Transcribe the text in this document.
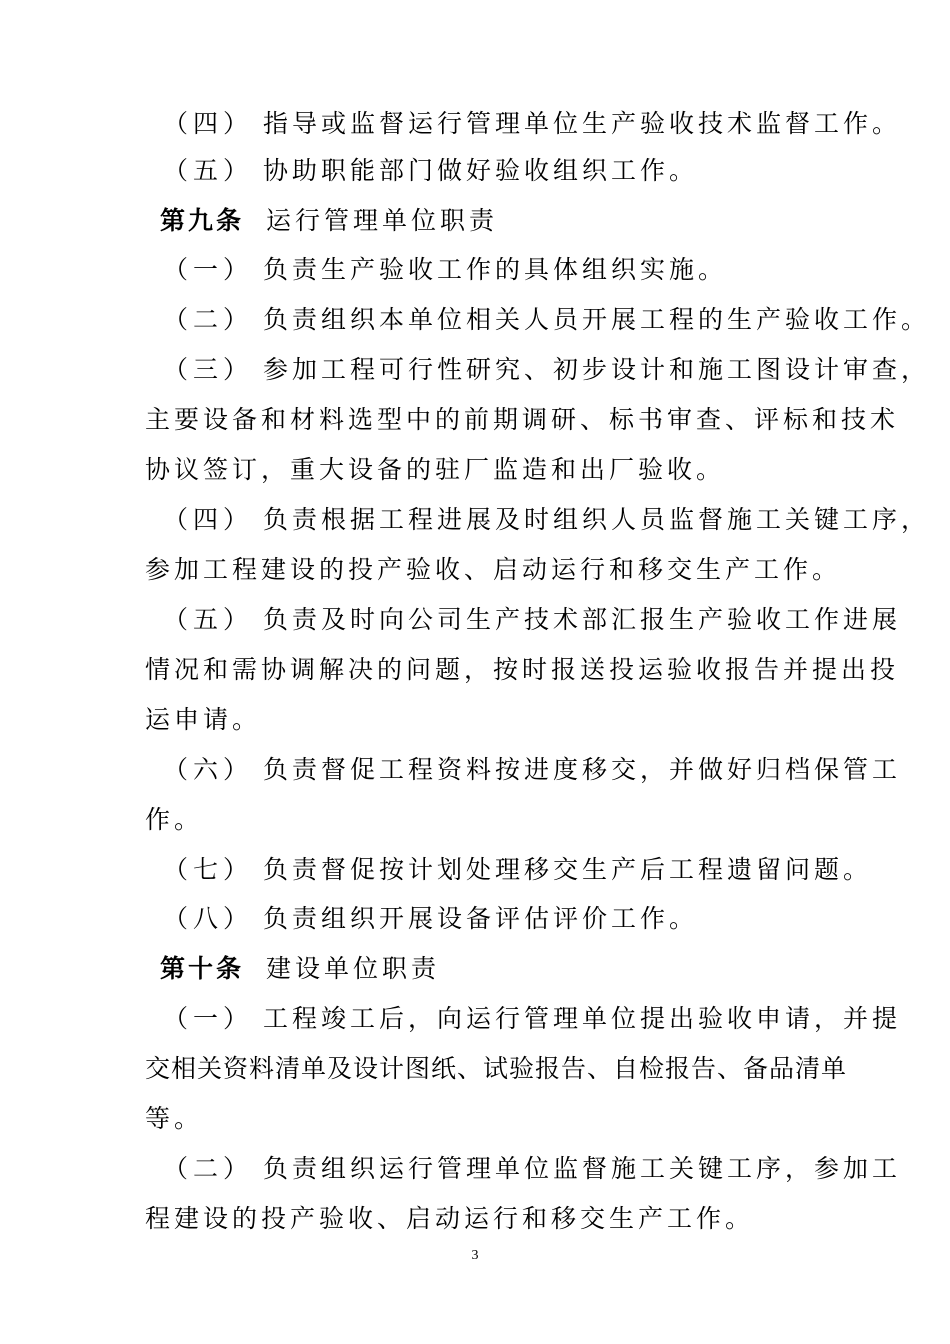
（四） 指导或监督运行管理单位生产验收技术监督工作。
（五） 协助职能部门做好验收组织工作。
第九条 运行管理单位职责
（一） 负责生产验收工作的具体组织实施。
（二） 负责组织本单位相关人员开展工程的生产验收工作。
（三） 参加工程可行性研究、初步设计和施工图设计审查，
主要设备和材料选型中的前期调研、标书审查、评标和技术
协议签订，重大设备的驻厂监造和出厂验收。
（四） 负责根据工程进展及时组织人员监督施工关键工序，
参加工程建设的投产验收、启动运行和移交生产工作。
（五） 负责及时向公司生产技术部汇报生产验收工作进展
情况和需协调解决的问题，按时报送投运验收报告并提出投
运申请。
（六） 负责督促工程资料按进度移交，并做好归档保管工
作。
（七） 负责督促按计划处理移交生产后工程遗留问题。
（八） 负责组织开展设备评估评价工作。
第十条 建设单位职责
（一） 工程竣工后，向运行管理单位提出验收申请，并提
交相关资料清单及设计图纸、试验报告、自检报告、备品清单
等。
（二） 负责组织运行管理单位监督施工关键工序，参加工
程建设的投产验收、启动运行和移交生产工作。
3
